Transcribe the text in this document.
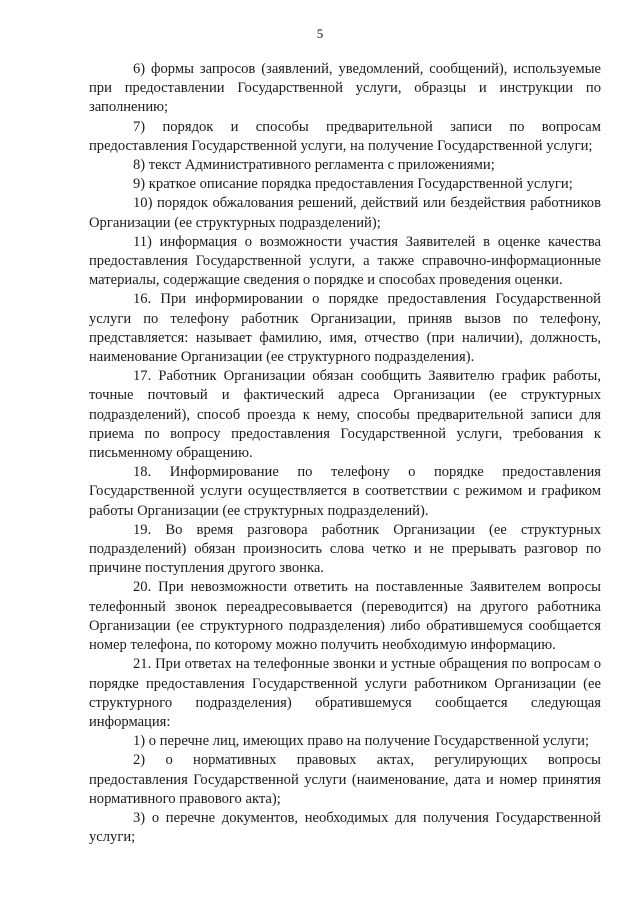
5

6) формы запросов (заявлений, уведомлений, сообщений), используемые при предоставлении Государственной услуги, образцы и инструкции по заполнению;

7) порядок и способы предварительной записи по вопросам предоставления Государственной услуги, на получение Государственной услуги;

8) текст Административного регламента с приложениями;

9) краткое описание порядка предоставления Государственной услуги;

10) порядок обжалования решений, действий или бездействия работников Организации (ее структурных подразделений);

11) информация о возможности участия Заявителей в оценке качества предоставления Государственной услуги, а также справочно-информационные материалы, содержащие сведения о порядке и способах проведения оценки.

16. При информировании о порядке предоставления Государственной услуги по телефону работник Организации, приняв вызов по телефону, представляется: называет фамилию, имя, отчество (при наличии), должность, наименование Организации (ее структурного подразделения).

17. Работник Организации обязан сообщить Заявителю график работы, точные почтовый и фактический адреса Организации (ее структурных подразделений), способ проезда к нему, способы предварительной записи для приема по вопросу предоставления Государственной услуги, требования к письменному обращению.

18. Информирование по телефону о порядке предоставления Государственной услуги осуществляется в соответствии с режимом и графиком работы Организации (ее структурных подразделений).

19. Во время разговора работник Организации (ее структурных подразделений) обязан произносить слова четко и не прерывать разговор по причине поступления другого звонка.

20. При невозможности ответить на поставленные Заявителем вопросы телефонный звонок переадресовывается (переводится) на другого работника Организации (ее структурного подразделения) либо обратившемуся сообщается номер телефона, по которому можно получить необходимую информацию.

21. При ответах на телефонные звонки и устные обращения по вопросам о порядке предоставления Государственной услуги работником Организации (ее структурного подразделения) обратившемуся сообщается следующая информация:

1) о перечне лиц, имеющих право на получение Государственной услуги;

2) о нормативных правовых актах, регулирующих вопросы предоставления Государственной услуги (наименование, дата и номер принятия нормативного правового акта);

3) о перечне документов, необходимых для получения Государственной услуги;
